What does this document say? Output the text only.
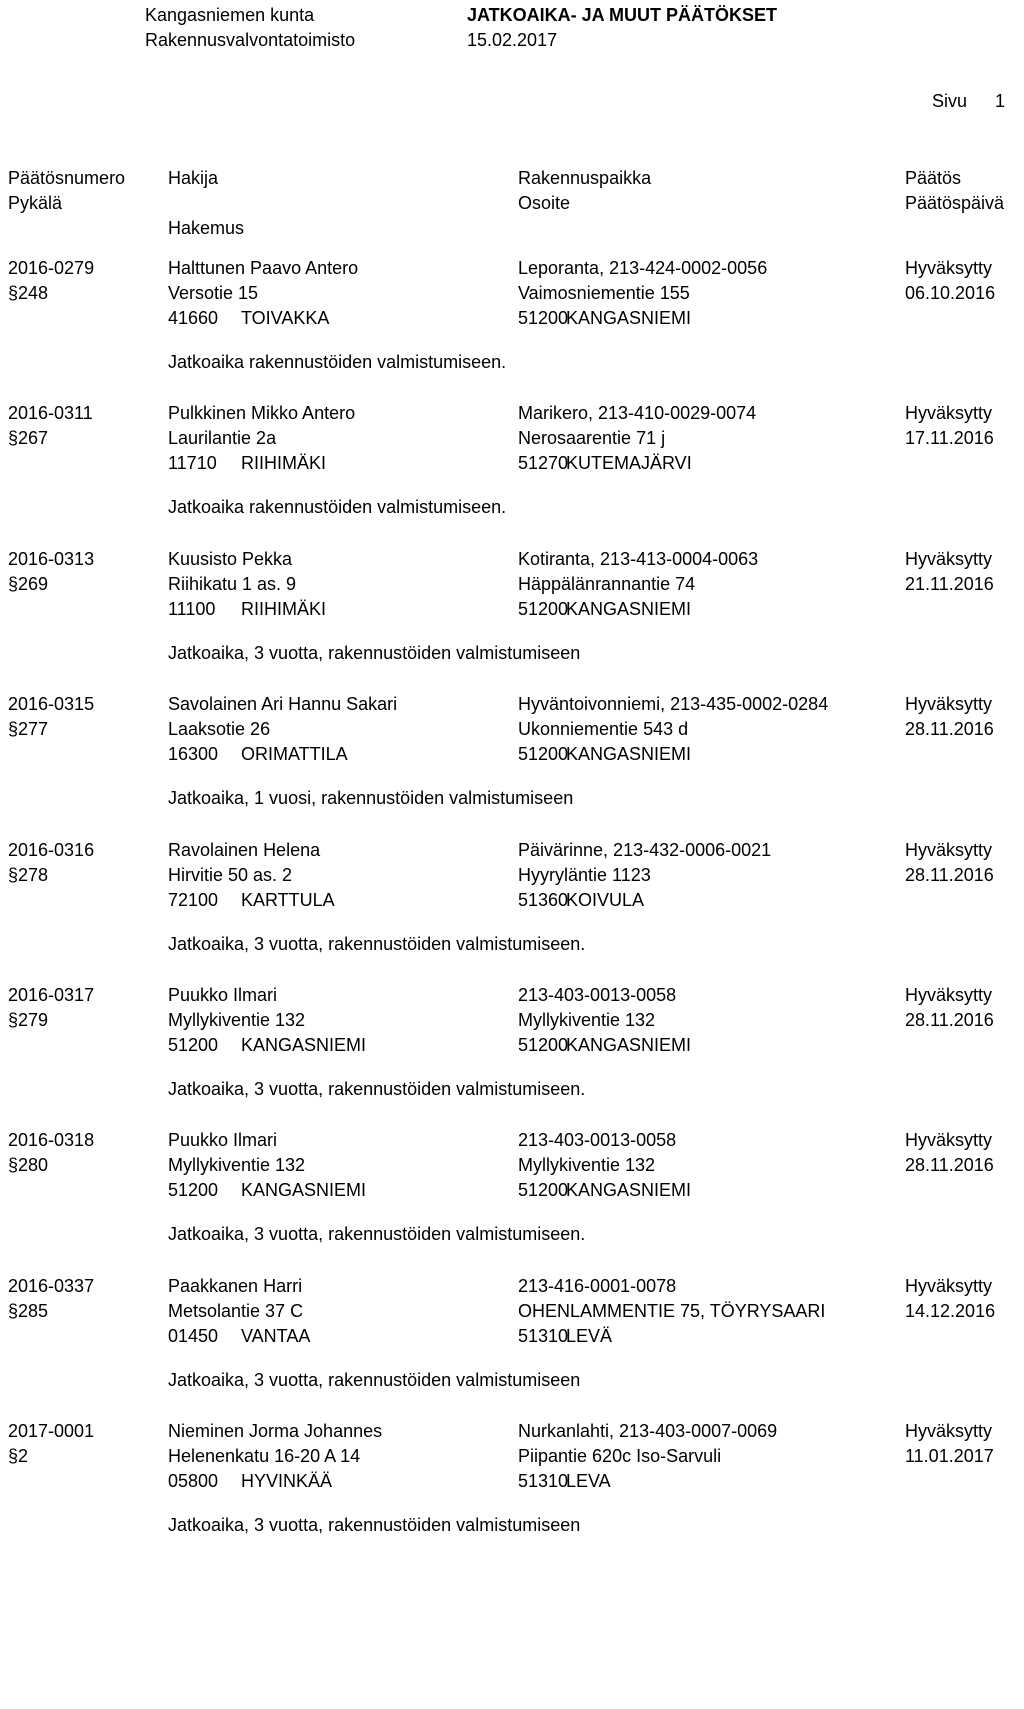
Kangasniemen kunta
Rakennusvalvontatoimisto
JATKOAIKA- JA MUUT PÄÄTÖKSET
15.02.2017
Sivu 1
Päätösnumero
Pykälä
Hakija
Hakemus
Rakennuspaikka
Osoite
Päätös
Päätöspäivä
2016-0279
§248
Halttunen Paavo Antero
Versotie 15
41660 TOIVAKKA
Leporanta, 213-424-0002-0056
Vaimosniementie 155
51200
KANGASNIEMI
Hyväksytty
06.10.2016
Jatkoaika rakennustöiden valmistumiseen.
2016-0311
§267
Pulkkinen Mikko Antero
Laurilantie 2a
11710 RIIHIMÄKI
Marikero, 213-410-0029-0074
Nerosaarentie 71 j
51270
KUTEMAJÄRVI
Hyväksytty
17.11.2016
Jatkoaika rakennustöiden valmistumiseen.
2016-0313
§269
Kuusisto Pekka
Riihikatu 1 as. 9
11100 RIIHIMÄKI
Kotiranta, 213-413-0004-0063
Häppälänrannantie 74
51200
KANGASNIEMI
Hyväksytty
21.11.2016
Jatkoaika, 3 vuotta, rakennustöiden valmistumiseen
2016-0315
§277
Savolainen Ari Hannu Sakari
Laaksotie 26
16300 ORIMATTILA
Hyväntoivonniemi, 213-435-0002-0284
Ukonniementie 543 d
51200
KANGASNIEMI
Hyväksytty
28.11.2016
Jatkoaika, 1 vuosi, rakennustöiden valmistumiseen
2016-0316
§278
Ravolainen Helena
Hirvitie 50 as. 2
72100 KARTTULA
Päivärinne, 213-432-0006-0021
Hyyryläntie 1123
51360
KOIVULA
Hyväksytty
28.11.2016
Jatkoaika, 3 vuotta, rakennustöiden valmistumiseen.
2016-0317
§279
Puukko Ilmari
Myllykiventie 132
51200 KANGASNIEMI
213-403-0013-0058
Myllykiventie 132
51200
KANGASNIEMI
Hyväksytty
28.11.2016
Jatkoaika, 3 vuotta, rakennustöiden valmistumiseen.
2016-0318
§280
Puukko Ilmari
Myllykiventie 132
51200 KANGASNIEMI
213-403-0013-0058
Myllykiventie 132
51200
KANGASNIEMI
Hyväksytty
28.11.2016
Jatkoaika, 3 vuotta, rakennustöiden valmistumiseen.
2016-0337
§285
Paakkanen Harri
Metsolantie 37 C
01450 VANTAA
213-416-0001-0078
OHENLAMMENTIE 75, TÖYRYSAARI
51310
LEVÄ
Hyväksytty
14.12.2016
Jatkoaika, 3 vuotta, rakennustöiden valmistumiseen
2017-0001
§2
Nieminen Jorma Johannes
Helenenkatu 16-20 A 14
05800 HYVINKÄÄ
Nurkanlahti, 213-403-0007-0069
Piipantie 620c Iso-Sarvuli
51310
LEVA
Hyväksytty
11.01.2017
Jatkoaika, 3 vuotta, rakennustöiden valmistumiseen
